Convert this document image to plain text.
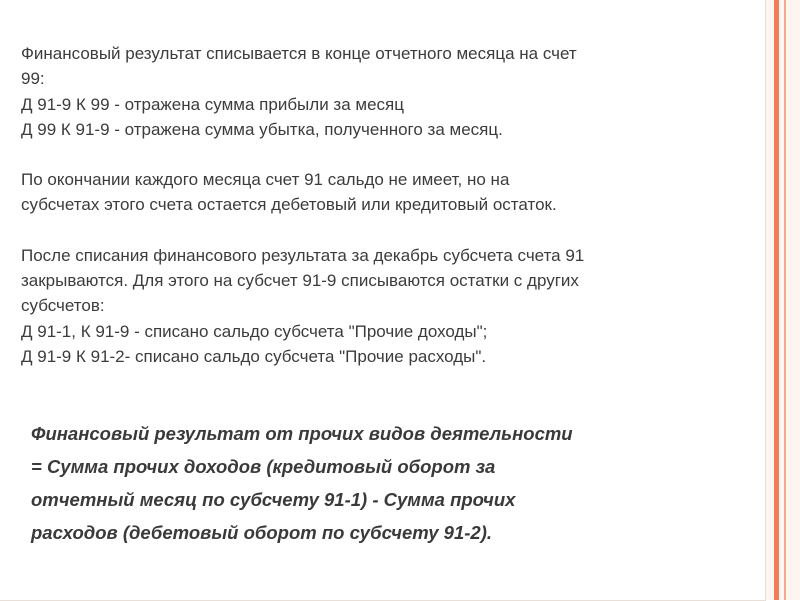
Финансовый результат списывается в конце отчетного месяца на счет
99:
Д 91-9 К 99 - отражена сумма прибыли за месяц
Д 99 К 91-9 - отражена сумма убытка, полученного за месяц.
По окончании каждого месяца счет 91 сальдо не имеет, но на
субсчетах этого счета остается дебетовый или кредитовый остаток.
После списания финансового результата за декабрь субсчета счета 91
закрываются. Для этого на субсчет 91-9 списываются остатки с других
субсчетов:
Д 91-1, К 91-9 - списано сальдо субсчета "Прочие доходы";
Д 91-9 К 91-2- списано сальдо субсчета "Прочие расходы".
Финансовый результат от прочих видов деятельности
= Сумма прочих доходов (кредитовый оборот за
отчетный месяц по субсчету 91-1) - Сумма прочих
расходов (дебетовый оборот по субсчету 91-2).
